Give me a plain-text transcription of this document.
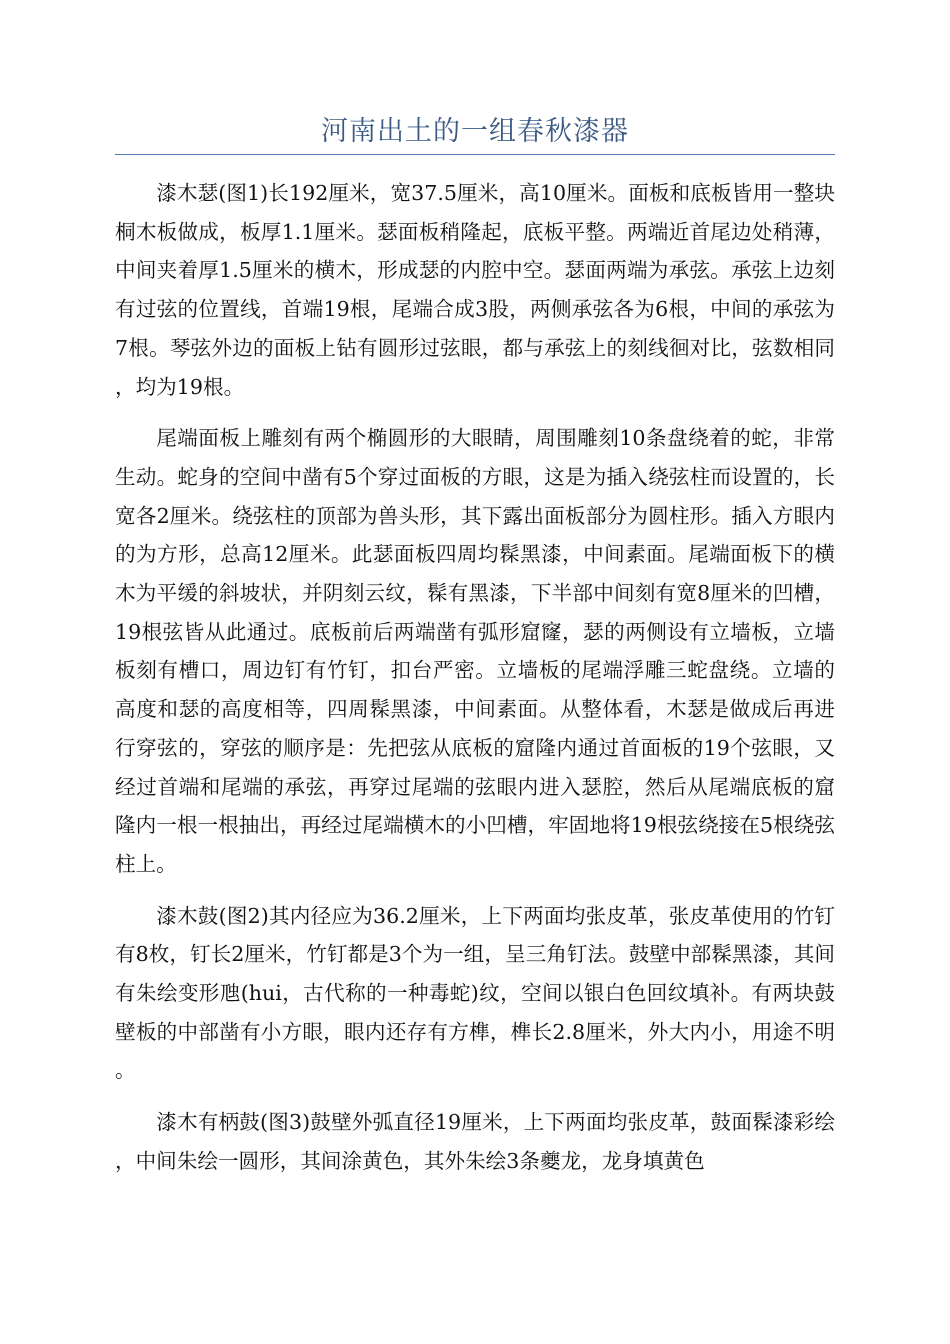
河南出土的一组春秋漆器

漆木瑟(图1)长192厘米，宽37.5厘米，高10厘米。面板和底板皆用一整块桐木板做成，板厚1.1厘米。瑟面板稍隆起，底板平整。两端近首尾边处稍薄，中间夹着厚1.5厘米的横木，形成瑟的内腔中空。瑟面两端为承弦。承弦上边刻有过弦的位置线，首端19根，尾端合成3股，两侧承弦各为6根，中间的承弦为7根。琴弦外边的面板上钻有圆形过弦眼，都与承弦上的刻线徊对比，弦数相同，均为19根。

尾端面板上雕刻有两个椭圆形的大眼睛，周围雕刻10条盘绕着的蛇，非常生动。蛇身的空间中凿有5个穿过面板的方眼，这是为插入绕弦柱而设置的，长宽各2厘米。绕弦柱的顶部为兽头形，其下露出面板部分为圆柱形。插入方眼内的为方形，总高12厘米。此瑟面板四周均髹黑漆，中间素面。尾端面板下的横木为平缓的斜坡状，并阴刻云纹，髹有黑漆，下半部中间刻有宽8厘米的凹槽，19根弦皆从此通过。底板前后两端凿有弧形窟窿，瑟的两侧设有立墙板，立墙板刻有槽口，周边钉有竹钉，扣台严密。立墙板的尾端浮雕三蛇盘绕。立墙的高度和瑟的高度相等，四周髹黑漆，中间素面。从整体看，木瑟是做成后再进行穿弦的，穿弦的顺序是：先把弦从底板的窟隆内通过首面板的19个弦眼，又经过首端和尾端的承弦，再穿过尾端的弦眼内进入瑟腔，然后从尾端底板的窟隆内一根一根抽出，再经过尾端横木的小凹槽，牢固地将19根弦绕接在5根绕弦柱上。

漆木鼓(图2)其内径应为36.2厘米，上下两面均张皮革，张皮革使用的竹钉有8枚，钉长2厘米，竹钉都是3个为一组，呈三角钉法。鼓壁中部髹黑漆，其间有朱绘变形虺(hui，古代称的一种毒蛇)纹，空间以银白色回纹填补。有两块鼓壁板的中部凿有小方眼，眼内还存有方榫，榫长2.8厘米，外大内小，用途不明。

漆木有柄鼓(图3)鼓壁外弧直径19厘米，上下两面均张皮革，鼓面髹漆彩绘，中间朱绘一圆形，其间涂黄色，其外朱绘3条夔龙，龙身填黄色
